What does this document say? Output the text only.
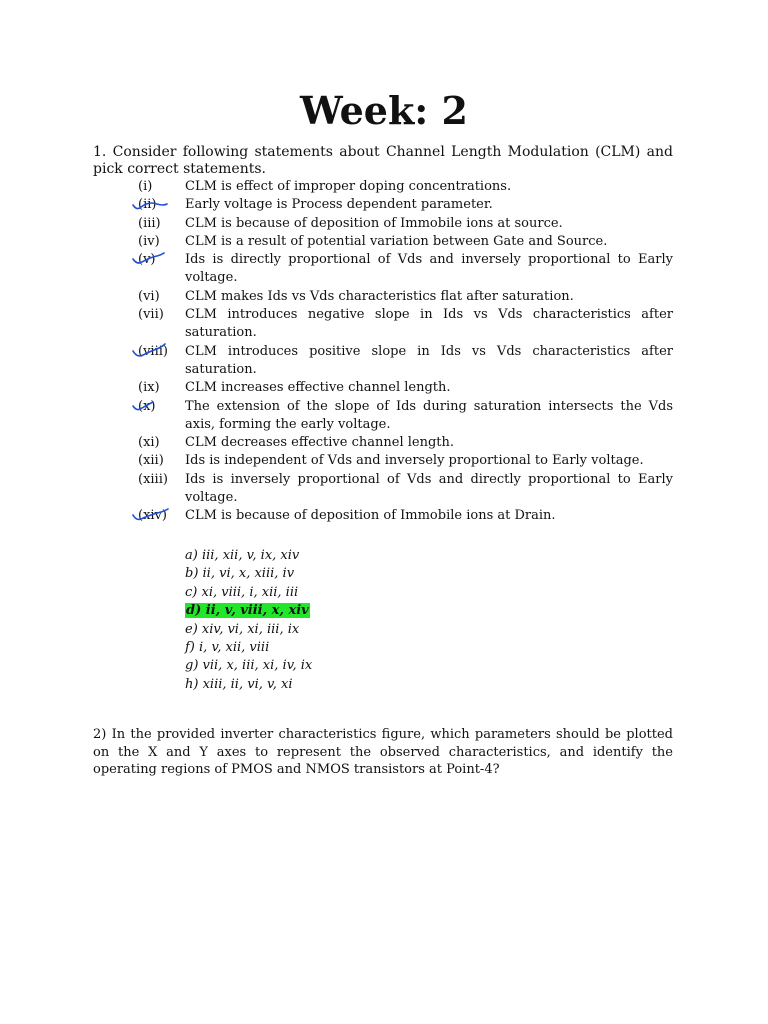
Week: 2
1. Consider following statements about Channel Length Modulation (CLM) and pick correct statements.
(i)	CLM is effect of improper doping concentrations.
(ii)	Early voltage is Process dependent parameter.
(iii)	CLM is because of deposition of Immobile ions at source.
(iv)	CLM is a result of potential variation between Gate and Source.
(v)	Ids is directly proportional of Vds and inversely proportional to Early voltage.
(vi)	CLM makes Ids vs Vds characteristics flat after saturation.
(vii)	CLM introduces negative slope in Ids vs Vds characteristics after saturation.
(viii)	CLM introduces positive slope in Ids vs Vds characteristics after saturation.
(ix)	CLM increases effective channel length.
(x)	The extension of the slope of Ids during saturation intersects the Vds axis, forming the early voltage.
(xi)	CLM decreases effective channel length.
(xii)	Ids is independent of Vds and inversely proportional to Early voltage.
(xiii)	Ids is inversely proportional of Vds and directly proportional to Early voltage.
(xiv)	CLM is because of deposition of Immobile ions at Drain.
a) iii, xii, v, ix, xiv
b) ii, vi, x, xiii, iv
c) xi, viii, i, xii, iii
d) ii, v, viii, x, xiv
e) xiv, vi, xi, iii, ix
f) i, v, xii, viii
g) vii, x, iii, xi, iv, ix
h) xiii, ii, vi, v, xi
2) In the provided inverter characteristics figure, which parameters should be plotted on the X and Y axes to represent the observed characteristics, and identify the operating regions of PMOS and NMOS transistors at Point-4?
